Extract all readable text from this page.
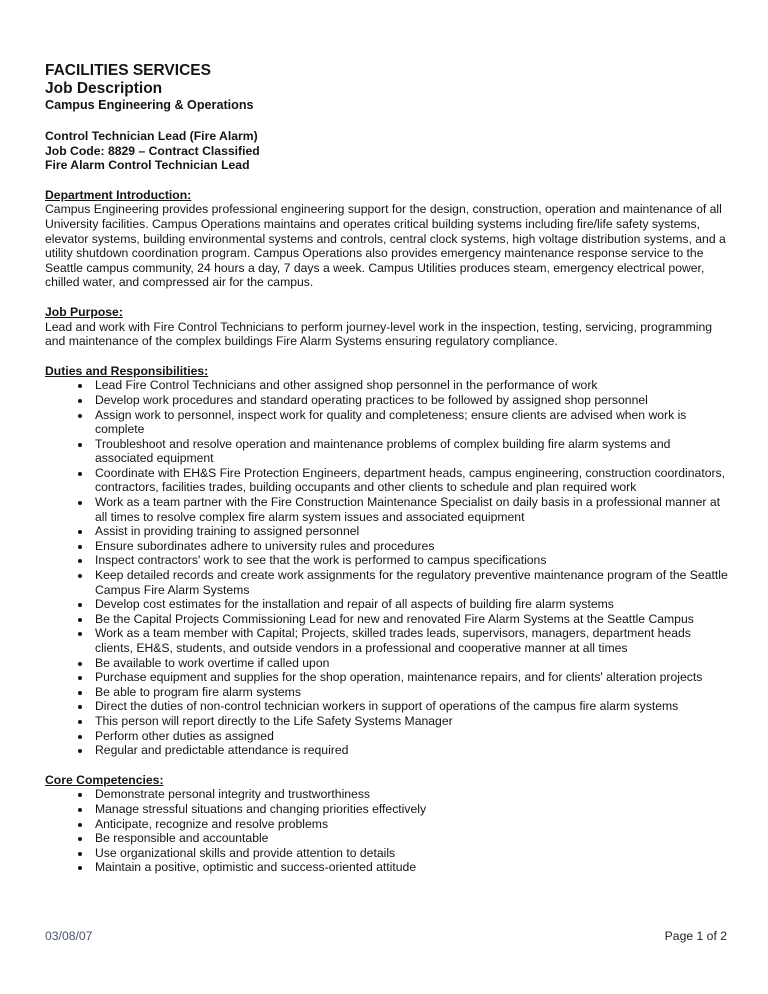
FACILITIES SERVICES
Job Description
Campus Engineering & Operations
Control Technician Lead (Fire Alarm)
Job Code: 8829 – Contract Classified
Fire Alarm Control Technician Lead
Department Introduction:

Campus Engineering provides professional engineering support for the design, construction, operation and maintenance of all University facilities. Campus Operations maintains and operates critical building systems including fire/life safety systems, elevator systems, building environmental systems and controls, central clock systems, high voltage distribution systems, and a utility shutdown coordination program. Campus Operations also provides emergency maintenance response service to the Seattle campus community, 24 hours a day, 7 days a week. Campus Utilities produces steam, emergency electrical power, chilled water, and compressed air for the campus.

Job Purpose:

Lead and work with Fire Control Technicians to perform journey-level work in the inspection, testing, servicing, programming and maintenance of the complex buildings Fire Alarm Systems ensuring regulatory compliance.

Duties and Responsibilities:
• Lead Fire Control Technicians and other assigned shop personnel in the performance of work
• Develop work procedures and standard operating practices to be followed by assigned shop personnel
• Assign work to personnel, inspect work for quality and completeness; ensure clients are advised when work is complete
• Troubleshoot and resolve operation and maintenance problems of complex building fire alarm systems and associated equipment
• Coordinate with EH&S Fire Protection Engineers, department heads, campus engineering, construction coordinators, contractors, facilities trades, building occupants and other clients to schedule and plan required work
• Work as a team partner with the Fire Construction Maintenance Specialist on daily basis in a professional manner at all times to resolve complex fire alarm system issues and associated equipment
• Assist in providing training to assigned personnel
• Ensure subordinates adhere to university rules and procedures
• Inspect contractors' work to see that the work is performed to campus specifications
• Keep detailed records and create work assignments for the regulatory preventive maintenance program of the Seattle Campus Fire Alarm Systems
• Develop cost estimates for the installation and repair of all aspects of building fire alarm systems
• Be the Capital Projects Commissioning Lead for new and renovated Fire Alarm Systems at the Seattle Campus
• Work as a team member with Capital; Projects, skilled trades leads, supervisors, managers, department heads clients, EH&S, students, and outside vendors in a professional and cooperative manner at all times
• Be available to work overtime if called upon
• Purchase equipment and supplies for the shop operation, maintenance repairs, and for clients' alteration projects
• Be able to program fire alarm systems
• Direct the duties of non-control technician workers in support of operations of the campus fire alarm systems
• This person will report directly to the Life Safety Systems Manager
• Perform other duties as assigned
• Regular and predictable attendance is required
Core Competencies:
• Demonstrate personal integrity and trustworthiness
• Manage stressful situations and changing priorities effectively
• Anticipate, recognize and resolve problems
• Be responsible and accountable
• Use organizational skills and provide attention to details
• Maintain a positive, optimistic and success-oriented attitude
03/08/07	Page 1 of 2
